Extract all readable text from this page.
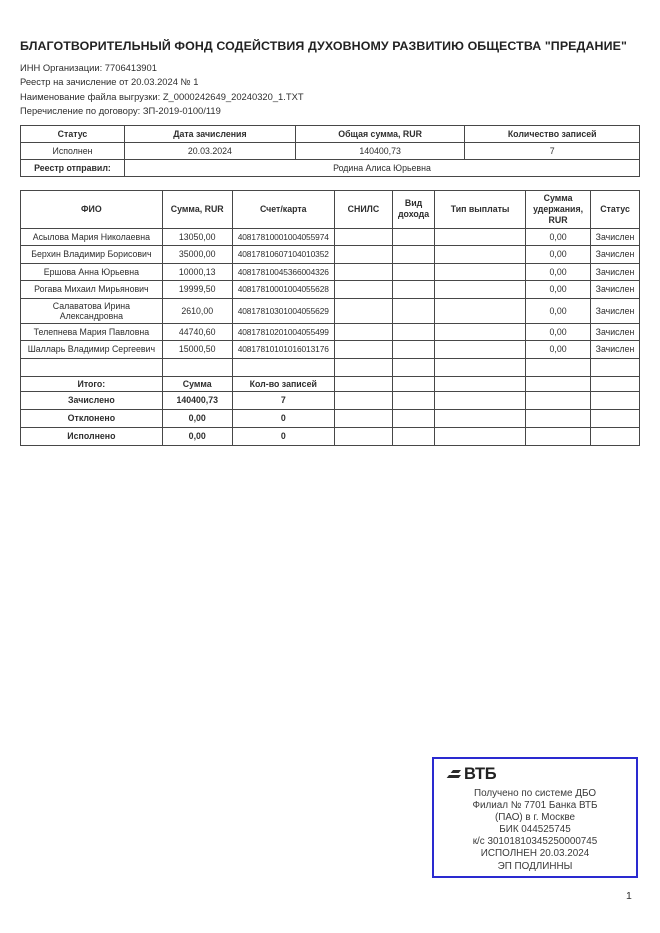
БЛАГОТВОРИТЕЛЬНЫЙ ФОНД СОДЕЙСТВИЯ ДУХОВНОМУ РАЗВИТИЮ ОБЩЕСТВА "ПРЕДАНИЕ"
ИНН Организации: 7706413901
Реестр на зачисление от 20.03.2024 № 1
Наименование файла выгрузки: Z_0000242649_20240320_1.TXT
Перечисление по договору: ЗП-2019-0100/119
Статус	Дата зачисления	Общая сумма, RUR	Количество записей
Исполнен	20.03.2024	140400,73	7
Реестр отправил:	Родина Алиса Юрьевна		
ФИО	Сумма, RUR	Счет/карта	СНИЛС	Вид дохода	Тип выплаты	Сумма удержания, RUR	Статус
Асылова Мария Николаевна	13050,00	40817810001004055974				0,00	Зачислен
Берхин Владимир Борисович	35000,00	40817810607104010352				0,00	Зачислен
Ершова Анна Юрьевна	10000,13	40817810045366004326				0,00	Зачислен
Рогава Михаил Мирьянович	19999,50	40817810001004055628				0,00	Зачислен
Салаватова Ирина Александровна	2610,00	40817810301004055629				0,00	Зачислен
Телепнева Мария Павловна	44740,60	40817810201004055499				0,00	Зачислен
Шалларь Владимир Сергеевич	15000,50	40817810101016013176				0,00	Зачислен

Итого:	Сумма	Кол-во записей					
Зачислено	140400,73	7					
Отклонено	0,00	0					
Исполнено	0,00	0					
ВТБ
Получено по системе ДБО
Филиал № 7701 Банка ВТБ
(ПАО) в г. Москве
БИК 044525745
к/с 30101810345250000745
ИСПОЛНЕН 20.03.2024
ЭП ПОДЛИННЫ
1
